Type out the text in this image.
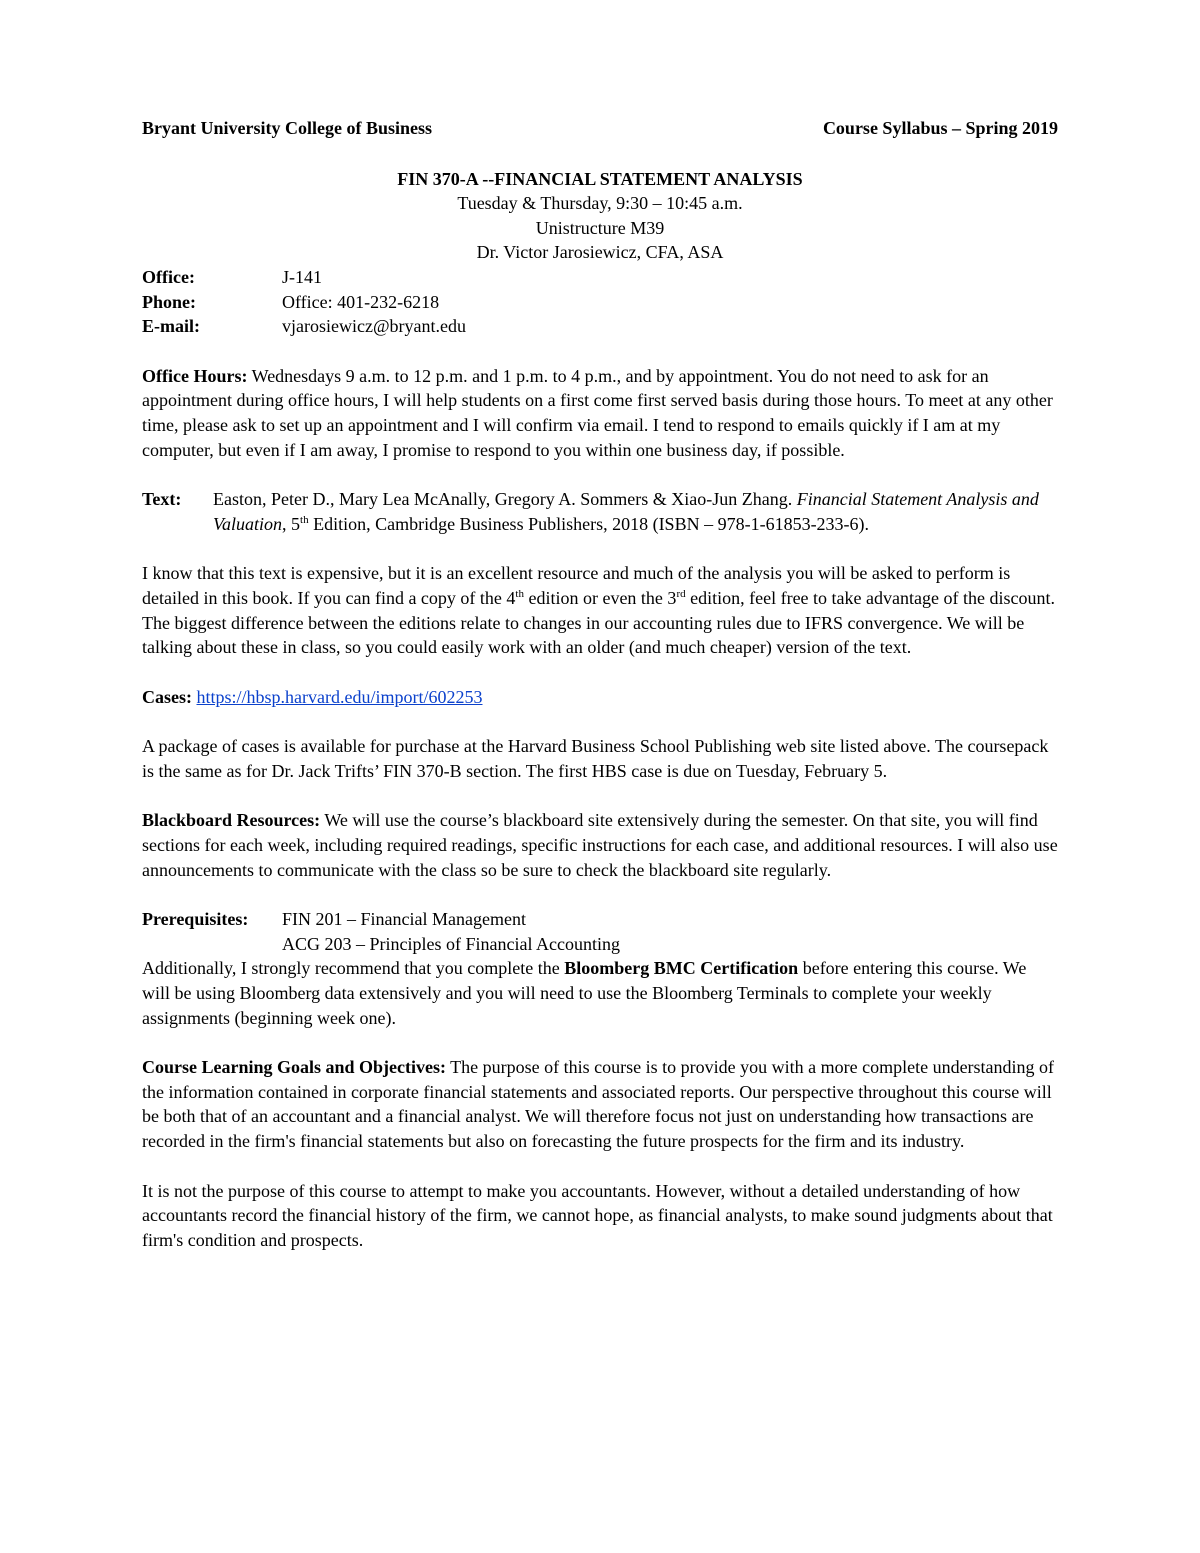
Bryant University College of Business	Course Syllabus – Spring 2019

FIN 370-A --FINANCIAL STATEMENT ANALYSIS

Tuesday & Thursday, 9:30 – 10:45 a.m.

Unistructure M39

Dr. Victor Jarosiewicz, CFA, ASA

Office:	J-141
Phone:	Office: 401-232-6218
E-mail:	vjarosiewicz@bryant.edu

Office Hours: Wednesdays 9 a.m. to 12 p.m. and 1 p.m. to 4 p.m., and by appointment. You do not need to ask for an appointment during office hours, I will help students on a first come first served basis during those hours. To meet at any other time, please ask to set up an appointment and I will confirm via email. I tend to respond to emails quickly if I am at my computer, but even if I am away, I promise to respond to you within one business day, if possible.

Text:	Easton, Peter D., Mary Lea McAnally, Gregory A. Sommers & Xiao-Jun Zhang. Financial Statement Analysis and Valuation, 5th Edition, Cambridge Business Publishers, 2018 (ISBN – 978-1-61853-233-6).

I know that this text is expensive, but it is an excellent resource and much of the analysis you will be asked to perform is detailed in this book. If you can find a copy of the 4th edition or even the 3rd edition, feel free to take advantage of the discount. The biggest difference between the editions relate to changes in our accounting rules due to IFRS convergence. We will be talking about these in class, so you could easily work with an older (and much cheaper) version of the text.

Cases: https://hbsp.harvard.edu/import/602253

A package of cases is available for purchase at the Harvard Business School Publishing web site listed above. The coursepack is the same as for Dr. Jack Trifts’ FIN 370-B section. The first HBS case is due on Tuesday, February 5.

Blackboard Resources: We will use the course’s blackboard site extensively during the semester. On that site, you will find sections for each week, including required readings, specific instructions for each case, and additional resources. I will also use announcements to communicate with the class so be sure to check the blackboard site regularly.

Prerequisites:	FIN 201 – Financial Management
ACG 203 – Principles of Financial Accounting

Additionally, I strongly recommend that you complete the Bloomberg BMC Certification before entering this course. We will be using Bloomberg data extensively and you will need to use the Bloomberg Terminals to complete your weekly assignments (beginning week one).

Course Learning Goals and Objectives: The purpose of this course is to provide you with a more complete understanding of the information contained in corporate financial statements and associated reports. Our perspective throughout this course will be both that of an accountant and a financial analyst. We will therefore focus not just on understanding how transactions are recorded in the firm's financial statements but also on forecasting the future prospects for the firm and its industry.

It is not the purpose of this course to attempt to make you accountants. However, without a detailed understanding of how accountants record the financial history of the firm, we cannot hope, as financial analysts, to make sound judgments about that firm's condition and prospects.
